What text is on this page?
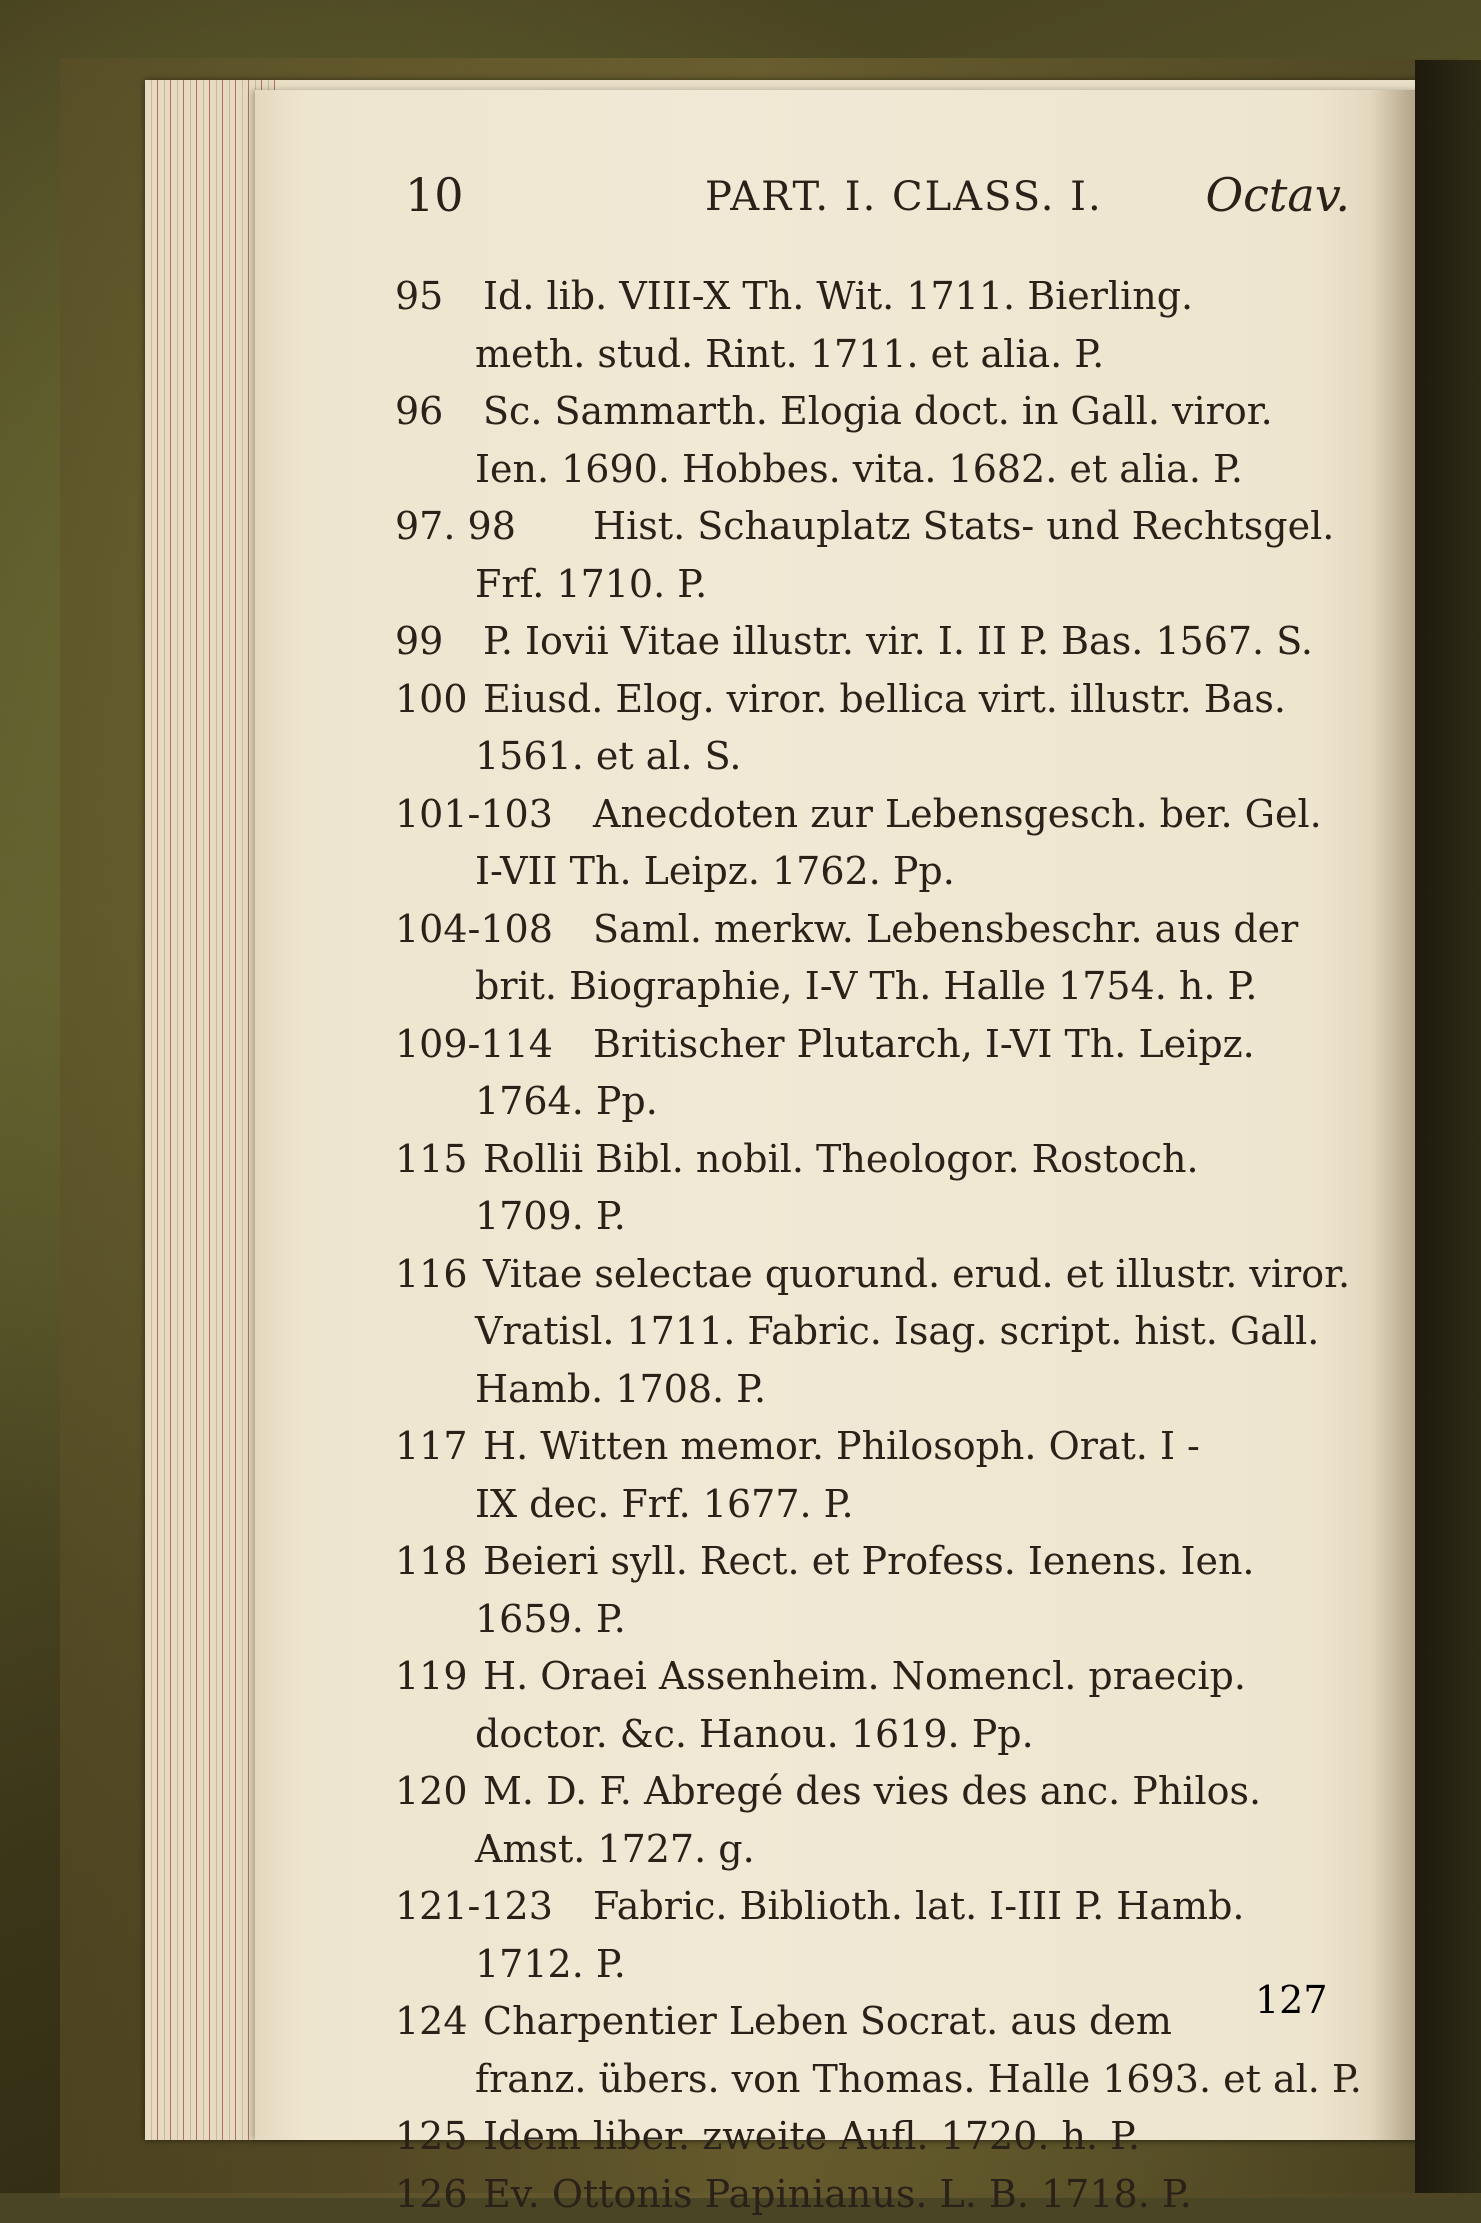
10	PART. I. CLASS. I. Octav.
95	Id. lib. VIII-X Th. Wit. 1711. Bierling.
meth. stud. Rint. 1711. et alia. P.
96	Sc. Sammarth. Elogia doct. in Gall. viror.
Ien. 1690. Hobbes. vita. 1682. et alia. P.
97. 98	Hist. Schauplatz Stats- und Rechtsgel.
Frf. 1710. P.
99	P. Iovii Vitae illustr. vir. I. II P. Bas. 1567. S.
100 Eiusd. Elog. viror. bellica virt. illustr. Bas.
1561. et al. S.
101-103	Anecdoten zur Lebensgesch. ber. Gel.
I-VII Th. Leipz. 1762. Pp.
104-108	Saml. merkw. Lebensbeschr. aus der
brit. Biographie, I-V Th. Halle 1754. h. P.
109-114	Britischer Plutarch, I-VI Th. Leipz.
1764. Pp.
115 Rollii Bibl. nobil. Theologor. Rostoch.
1709. P.
116 Vitae selectae quorund. erud. et illustr. viror.
Vratisl. 1711. Fabric. Isag. script. hist. Gall.
Hamb. 1708. P.
117 H. Witten memor. Philosoph. Orat. I -
IX dec. Frf. 1677. P.
118 Beieri syll. Rect. et Profess. Ienens. Ien.
1659. P.
119 H. Oraei Assenheim. Nomencl. praecip.
doctor. &c. Hanou. 1619. Pp.
120 M. D. F. Abregé des vies des anc. Philos.
Amst. 1727. g.
121-123	Fabric. Biblioth. lat. I-III P. Hamb.
1712. P.
124 Charpentier Leben Socrat. aus dem
franz. übers. von Thomas. Halle 1693. et al. P.
125 Idem liber. zweite Aufl. 1720. h. P.
126 Ev. Ottonis Papinianus. L. B. 1718. P.
127
